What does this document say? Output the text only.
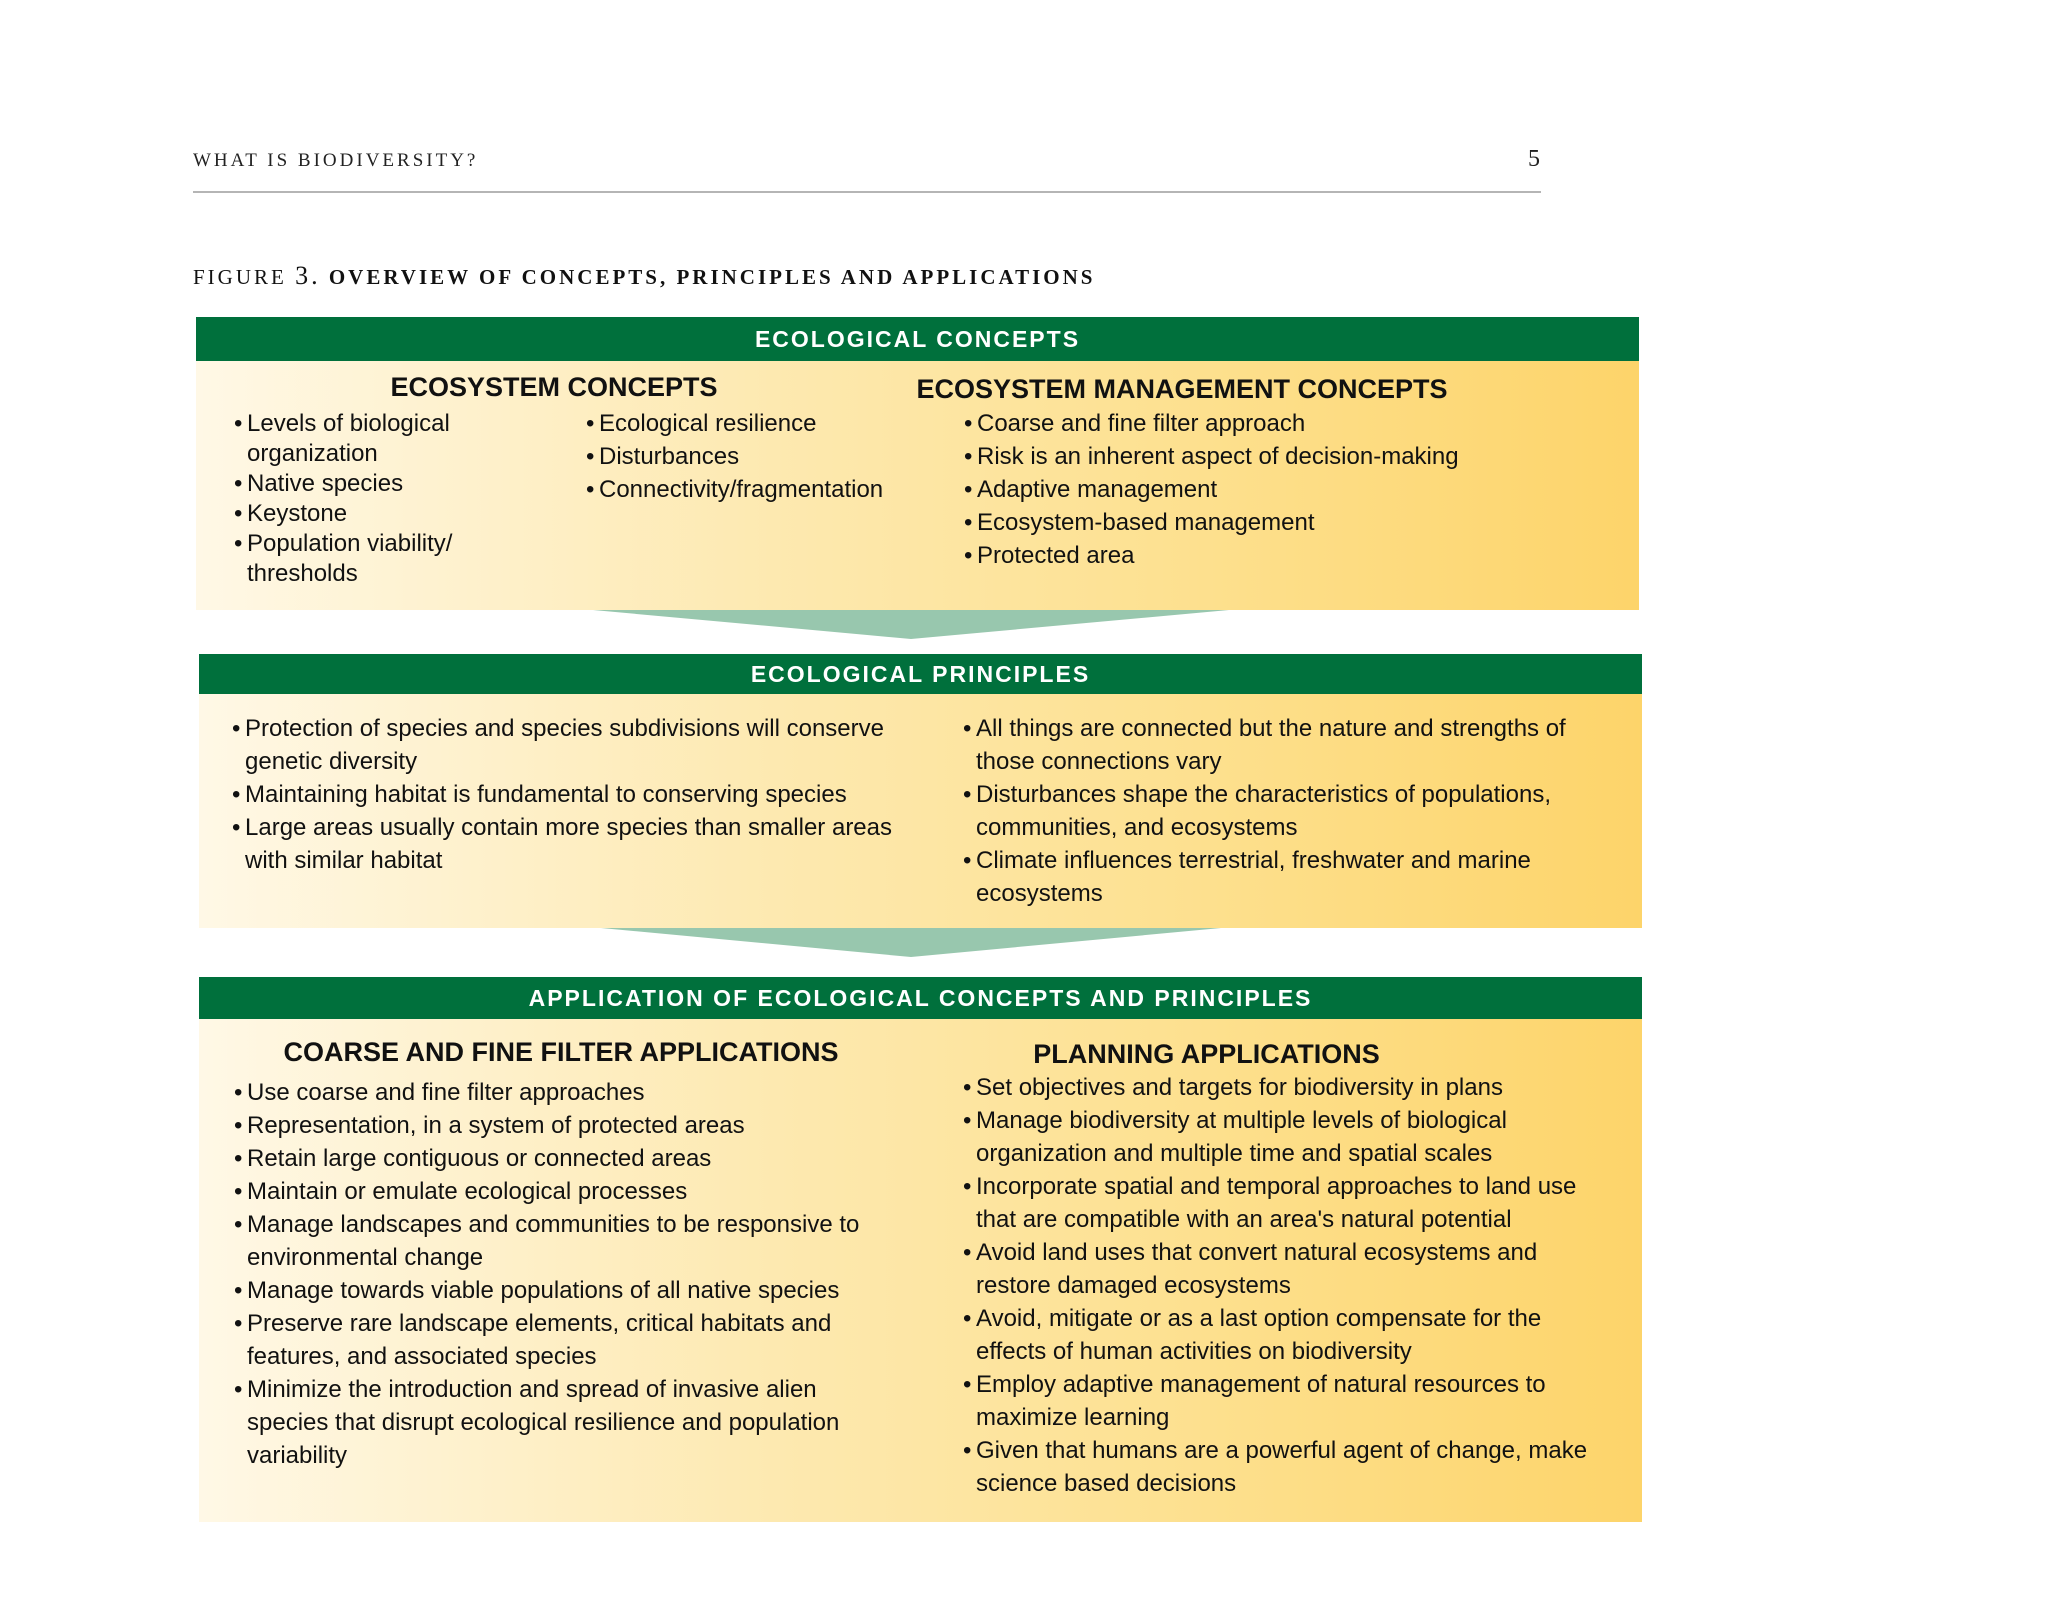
WHAT IS BIODIVERSITY?	5
FIGURE 3. OVERVIEW OF CONCEPTS, PRINCIPLES AND APPLICATIONS
ECOLOGICAL CONCEPTS
ECOSYSTEM CONCEPTS
• Levels of biological organization
• Native species
• Keystone
• Population viability/ thresholds
• Ecological resilience
• Disturbances
• Connectivity/fragmentation
ECOSYSTEM MANAGEMENT CONCEPTS
• Coarse and fine filter approach
• Risk is an inherent aspect of decision-making
• Adaptive management
• Ecosystem-based management
• Protected area
ECOLOGICAL PRINCIPLES
• Protection of species and species subdivisions will conserve genetic diversity
• Maintaining habitat is fundamental to conserving species
• Large areas usually contain more species than smaller areas with similar habitat
• All things are connected but the nature and strengths of those connections vary
• Disturbances shape the characteristics of populations, communities, and ecosystems
• Climate influences terrestrial, freshwater and marine ecosystems
APPLICATION OF ECOLOGICAL CONCEPTS AND PRINCIPLES
COARSE AND FINE FILTER APPLICATIONS
• Use coarse and fine filter approaches
• Representation, in a system of protected areas
• Retain large contiguous or connected areas
• Maintain or emulate ecological processes
• Manage landscapes and communities to be responsive to environmental change
• Manage towards viable populations of all native species
• Preserve rare landscape elements, critical habitats and features, and associated species
• Minimize the introduction and spread of invasive alien species that disrupt ecological resilience and population variability
PLANNING APPLICATIONS
• Set objectives and targets for biodiversity in plans
• Manage biodiversity at multiple levels of biological organization and multiple time and spatial scales
• Incorporate spatial and temporal approaches to land use that are compatible with an area's natural potential
• Avoid land uses that convert natural ecosystems and restore damaged ecosystems
• Avoid, mitigate or as a last option compensate for the effects of human activities on biodiversity
• Employ adaptive management of natural resources to maximize learning
• Given that humans are a powerful agent of change, make science based decisions
